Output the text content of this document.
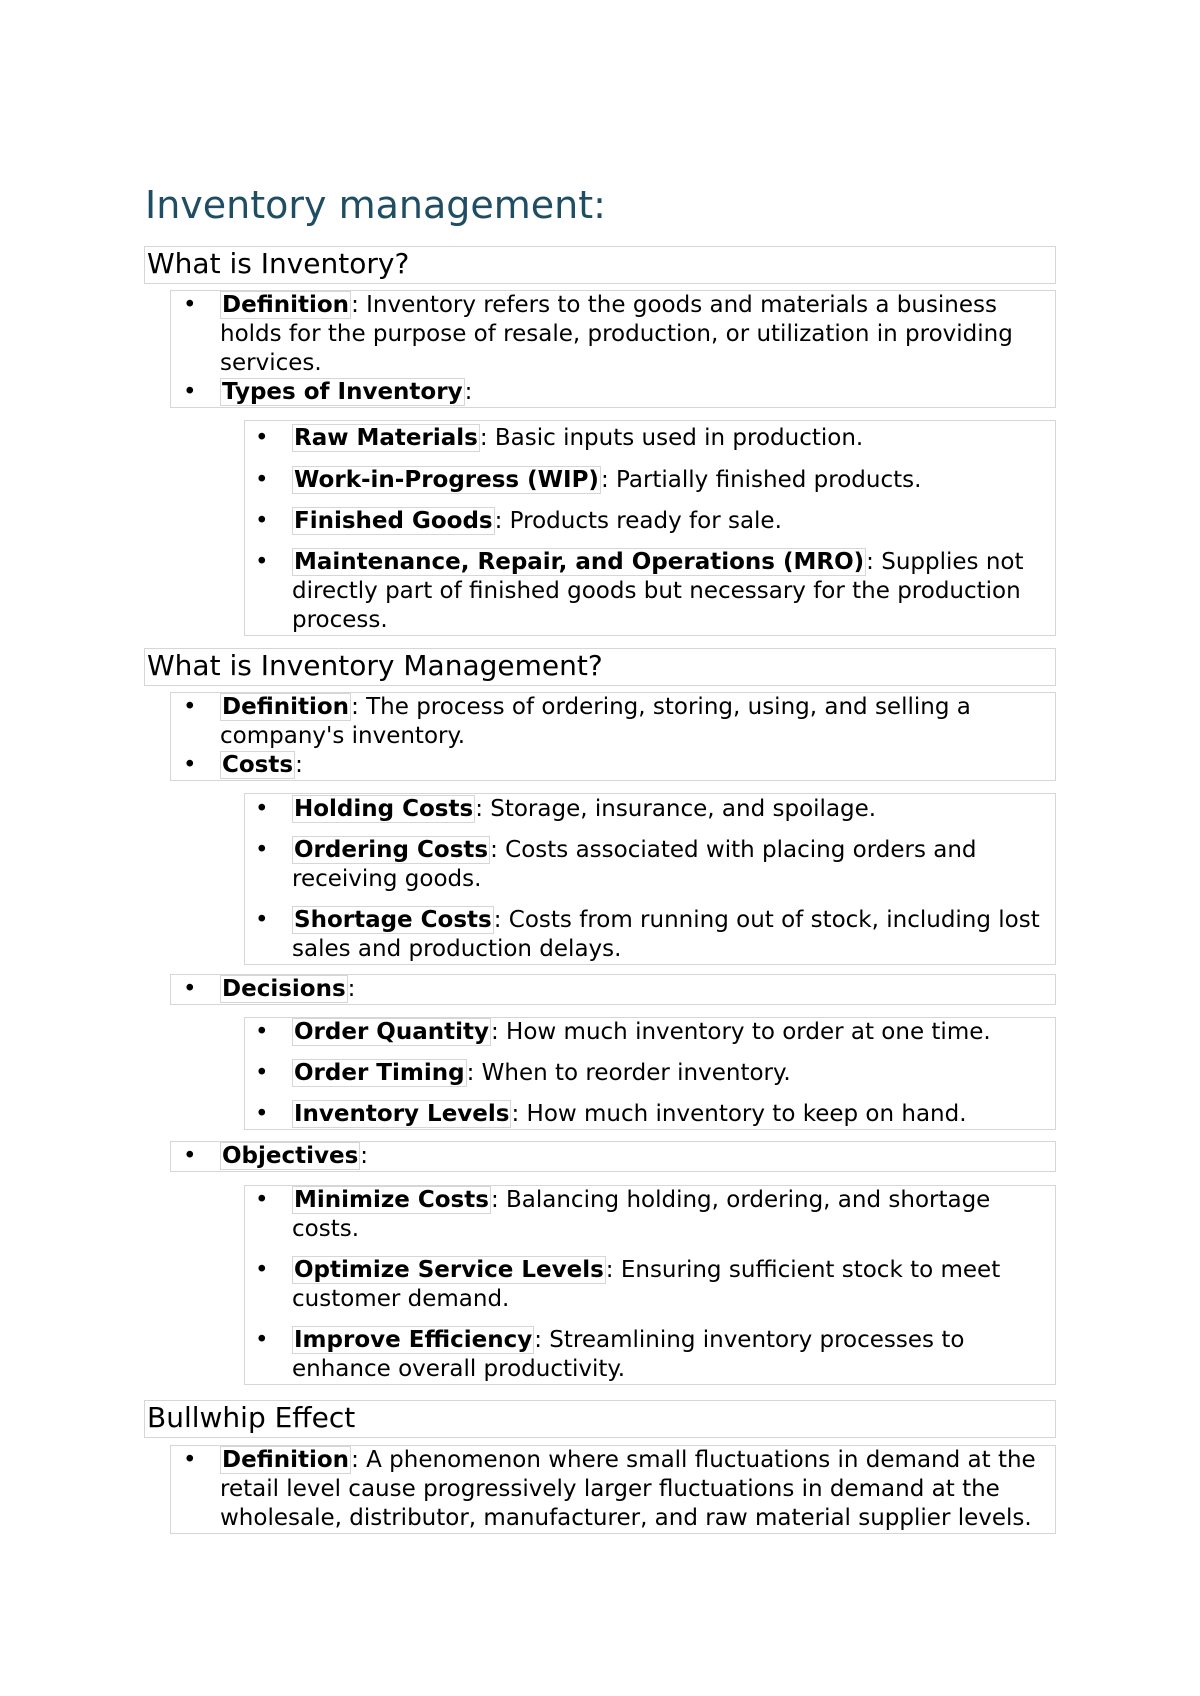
Inventory management:
What is Inventory?
• Definition: Inventory refers to the goods and materials a business holds for the purpose of resale, production, or utilization in providing services.
• Types of Inventory:
• Raw Materials: Basic inputs used in production.
• Work-in-Progress (WIP): Partially finished products.
• Finished Goods: Products ready for sale.
• Maintenance, Repair, and Operations (MRO): Supplies not directly part of finished goods but necessary for the production process.
What is Inventory Management?
• Definition: The process of ordering, storing, using, and selling a company's inventory.
• Costs:
• Holding Costs: Storage, insurance, and spoilage.
• Ordering Costs: Costs associated with placing orders and receiving goods.
• Shortage Costs: Costs from running out of stock, including lost sales and production delays.
• Decisions:
• Order Quantity: How much inventory to order at one time.
• Order Timing: When to reorder inventory.
• Inventory Levels: How much inventory to keep on hand.
• Objectives:
• Minimize Costs: Balancing holding, ordering, and shortage costs.
• Optimize Service Levels: Ensuring sufficient stock to meet customer demand.
• Improve Efficiency: Streamlining inventory processes to enhance overall productivity.
Bullwhip Effect
• Definition: A phenomenon where small fluctuations in demand at the retail level cause progressively larger fluctuations in demand at the wholesale, distributor, manufacturer, and raw material supplier levels.
